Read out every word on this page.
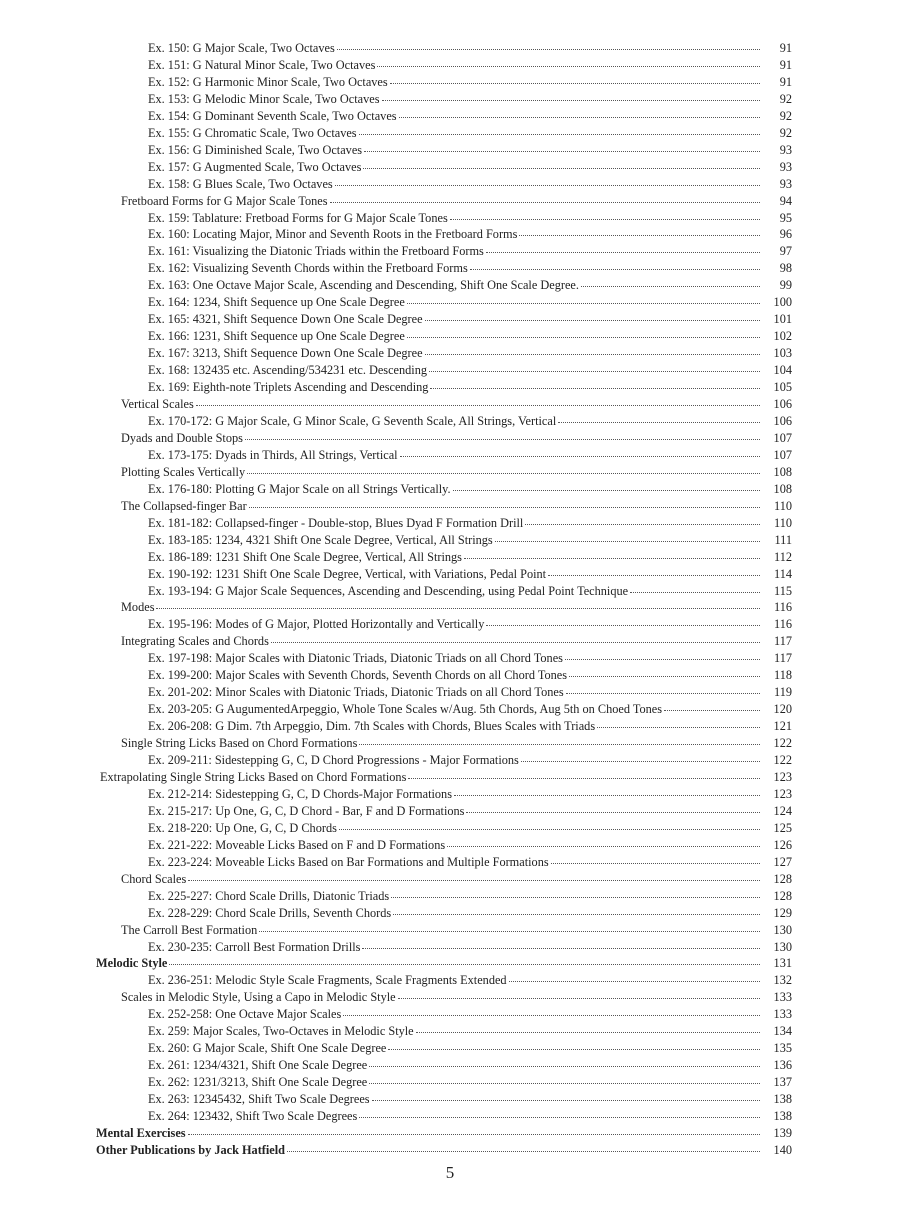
Ex. 150: G Major Scale, Two Octaves	91
Ex. 151: G Natural Minor Scale, Two Octaves	91
Ex. 152: G Harmonic Minor Scale, Two Octaves	91
Ex. 153: G Melodic Minor Scale, Two Octaves	92
Ex. 154: G Dominant Seventh Scale, Two Octaves	92
Ex. 155: G Chromatic Scale, Two Octaves	92
Ex. 156: G Diminished Scale, Two Octaves	93
Ex. 157: G Augmented Scale, Two Octaves	93
Ex. 158: G Blues Scale, Two Octaves	93
Fretboard Forms for G Major Scale Tones	94
Ex. 159: Tablature: Fretboad Forms for G Major Scale Tones	95
Ex. 160: Locating Major, Minor and Seventh Roots in the Fretboard Forms	96
Ex. 161: Visualizing the Diatonic Triads within the Fretboard Forms	97
Ex. 162: Visualizing Seventh Chords within the Fretboard Forms	98
Ex. 163: One Octave Major Scale, Ascending and Descending, Shift One Scale Degree.	99
Ex. 164: 1234, Shift Sequence up One Scale Degree	100
Ex. 165: 4321, Shift Sequence Down One Scale Degree	101
Ex. 166: 1231, Shift Sequence up One Scale Degree	102
Ex. 167: 3213, Shift Sequence Down One Scale Degree	103
Ex. 168: 132435 etc. Ascending/534231 etc. Descending	104
Ex. 169: Eighth-note Triplets Ascending and Descending	105
Vertical Scales	106
Ex. 170-172: G Major Scale, G Minor Scale, G Seventh Scale, All Strings, Vertical	106
Dyads and Double Stops	107
Ex. 173-175: Dyads in Thirds, All Strings, Vertical	107
Plotting Scales Vertically	108
Ex. 176-180: Plotting G Major Scale on all Strings Vertically.	108
The Collapsed-finger Bar	110
Ex. 181-182: Collapsed-finger - Double-stop, Blues Dyad F Formation Drill	110
Ex. 183-185: 1234, 4321 Shift One Scale Degree, Vertical, All Strings	111
Ex. 186-189: 1231 Shift One Scale Degree, Vertical, All Strings	112
Ex. 190-192: 1231 Shift One Scale Degree, Vertical, with Variations, Pedal Point	114
Ex. 193-194: G Major Scale Sequences, Ascending and Descending, using Pedal Point Technique	115
Modes	116
Ex. 195-196: Modes of G Major, Plotted Horizontally and Vertically	116
Integrating Scales and Chords	117
Ex. 197-198: Major Scales with Diatonic Triads, Diatonic Triads on all Chord Tones	117
Ex. 199-200: Major Scales with Seventh Chords, Seventh Chords on all Chord Tones	118
Ex. 201-202: Minor Scales with Diatonic Triads, Diatonic Triads on all Chord Tones	119
Ex. 203-205: G AugumentedArpeggio, Whole Tone Scales w/Aug. 5th Chords, Aug 5th on Choed Tones	120
Ex. 206-208: G Dim. 7th Arpeggio, Dim. 7th Scales with Chords, Blues Scales with Triads	121
Single String Licks Based on Chord Formations	122
Ex. 209-211: Sidestepping G, C, D Chord Progressions - Major Formations	122
Extrapolating Single String Licks Based on Chord Formations	123
Ex. 212-214: Sidestepping G, C, D Chords-Major Formations	123
Ex. 215-217: Up One, G, C, D Chord - Bar, F and D Formations	124
Ex. 218-220: Up One, G, C, D Chords	125
Ex. 221-222: Moveable Licks Based on F and D Formations	126
Ex. 223-224: Moveable Licks Based on Bar Formations and Multiple Formations	127
Chord Scales	128
Ex. 225-227: Chord Scale Drills, Diatonic Triads	128
Ex. 228-229: Chord Scale Drills, Seventh Chords	129
The Carroll Best Formation	130
Ex. 230-235: Carroll Best Formation Drills	130
Melodic Style	131
Ex. 236-251: Melodic Style Scale Fragments, Scale Fragments Extended	132
Scales in Melodic Style, Using a Capo in Melodic Style	133
Ex. 252-258: One Octave Major Scales	133
Ex. 259: Major Scales, Two-Octaves in Melodic Style	134
Ex. 260: G Major Scale, Shift One Scale Degree	135
Ex. 261: 1234/4321, Shift One Scale Degree	136
Ex. 262: 1231/3213, Shift One Scale Degree	137
Ex. 263: 12345432, Shift Two Scale Degrees	138
Ex. 264: 123432, Shift Two Scale Degrees	138
Mental Exercises	139
Other Publications by Jack Hatfield	140
5
